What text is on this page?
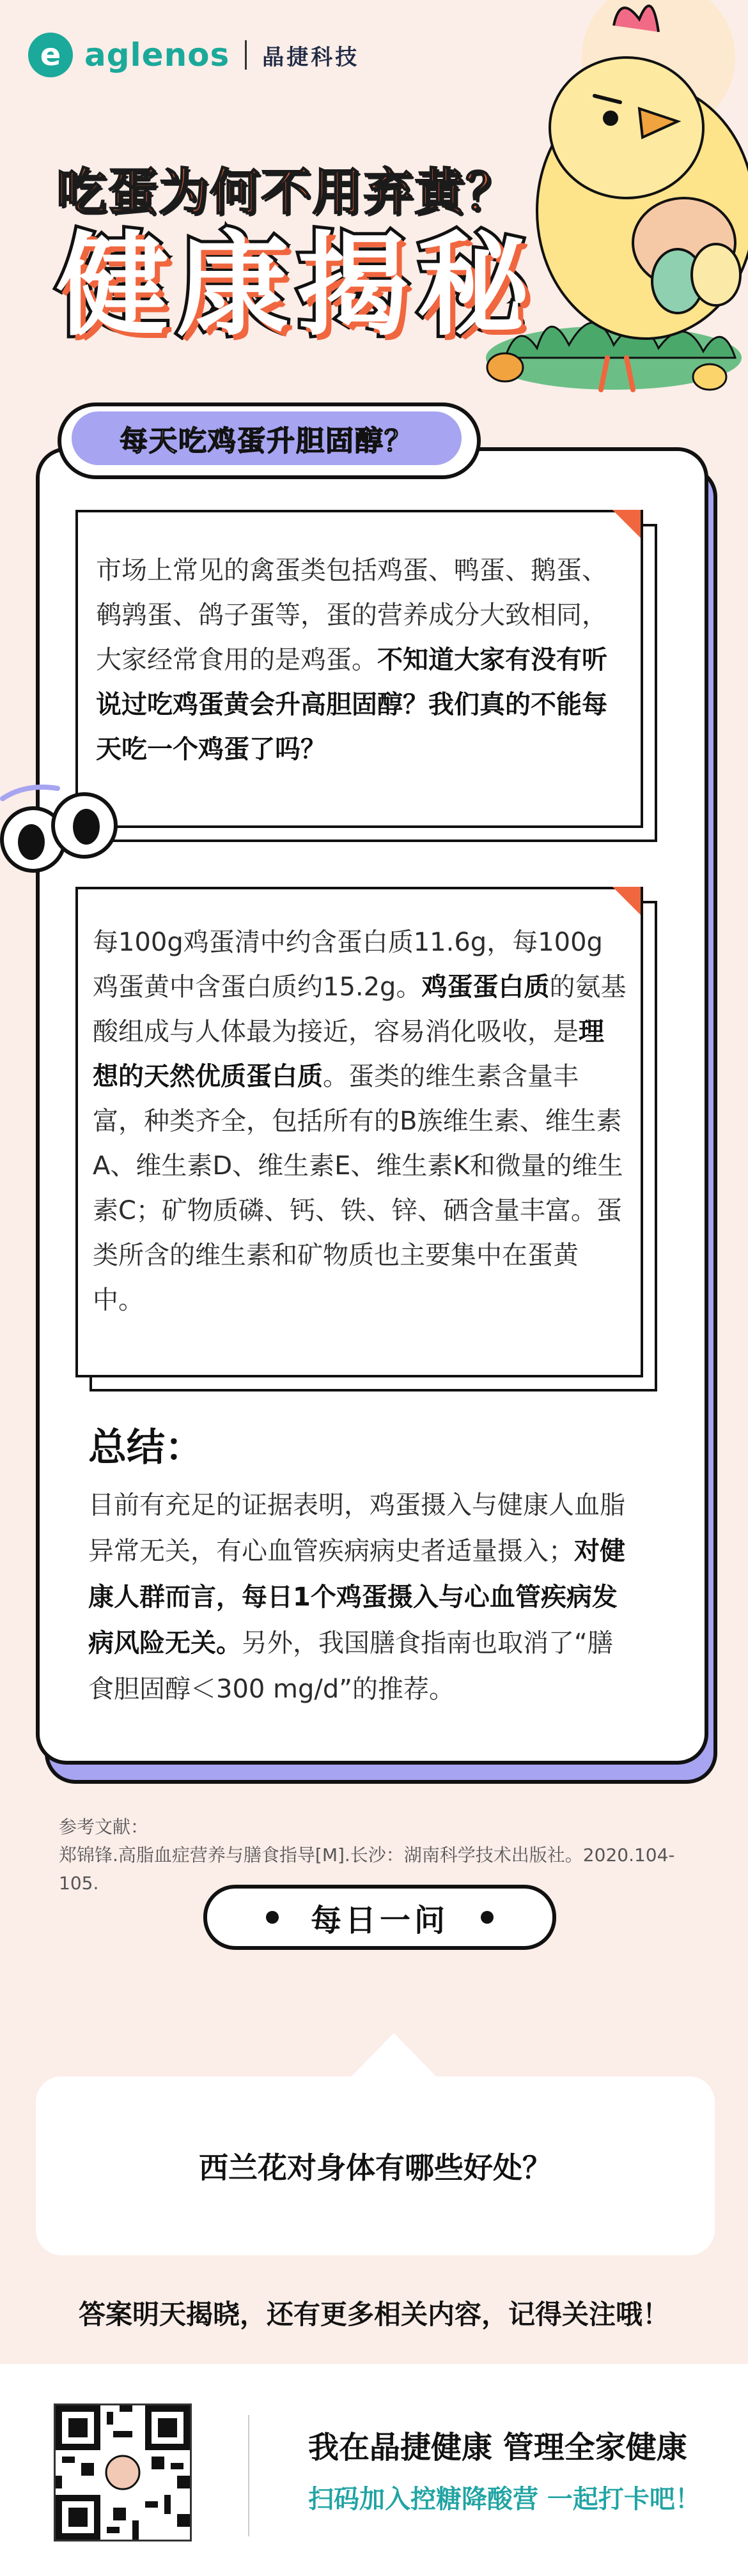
e aglenos 晶捷科技
吃蛋为何不用弃黄？
健康揭秘
每天吃鸡蛋升胆固醇？
市场上常见的禽蛋类包括鸡蛋、鸭蛋、鹅蛋、鹌鹑蛋、鸽子蛋等，蛋的营养成分大致相同，大家经常食用的是鸡蛋。不知道大家有没有听说过吃鸡蛋黄会升高胆固醇？我们真的不能每天吃一个鸡蛋了吗？
每100g鸡蛋清中约含蛋白质11.6g，每100g鸡蛋黄中含蛋白质约15.2g。鸡蛋蛋白质的氨基酸组成与人体最为接近，容易消化吸收，是理想的天然优质蛋白质。蛋类的维生素含量丰富，种类齐全，包括所有的B族维生素、维生素A、维生素D、维生素E、维生素K和微量的维生素C；矿物质磷、钙、铁、锌、硒含量丰富。蛋类所含的维生素和矿物质也主要集中在蛋黄中。
总结：
目前有充足的证据表明，鸡蛋摄入与健康人血脂异常无关，有心血管疾病病史者适量摄入；对健康人群而言，每日1个鸡蛋摄入与心血管疾病发病风险无关。另外，我国膳食指南也取消了“膳食胆固醇＜300 mg/d”的推荐。
参考文献：
郑锦锋.高脂血症营养与膳食指导[M].长沙：湖南科学技术出版社。2020.104-105.
每日一问
西兰花对身体有哪些好处？
答案明天揭晓，还有更多相关内容，记得关注哦！
我在晶捷健康 管理全家健康
扫码加入控糖降酸营 一起打卡吧！
